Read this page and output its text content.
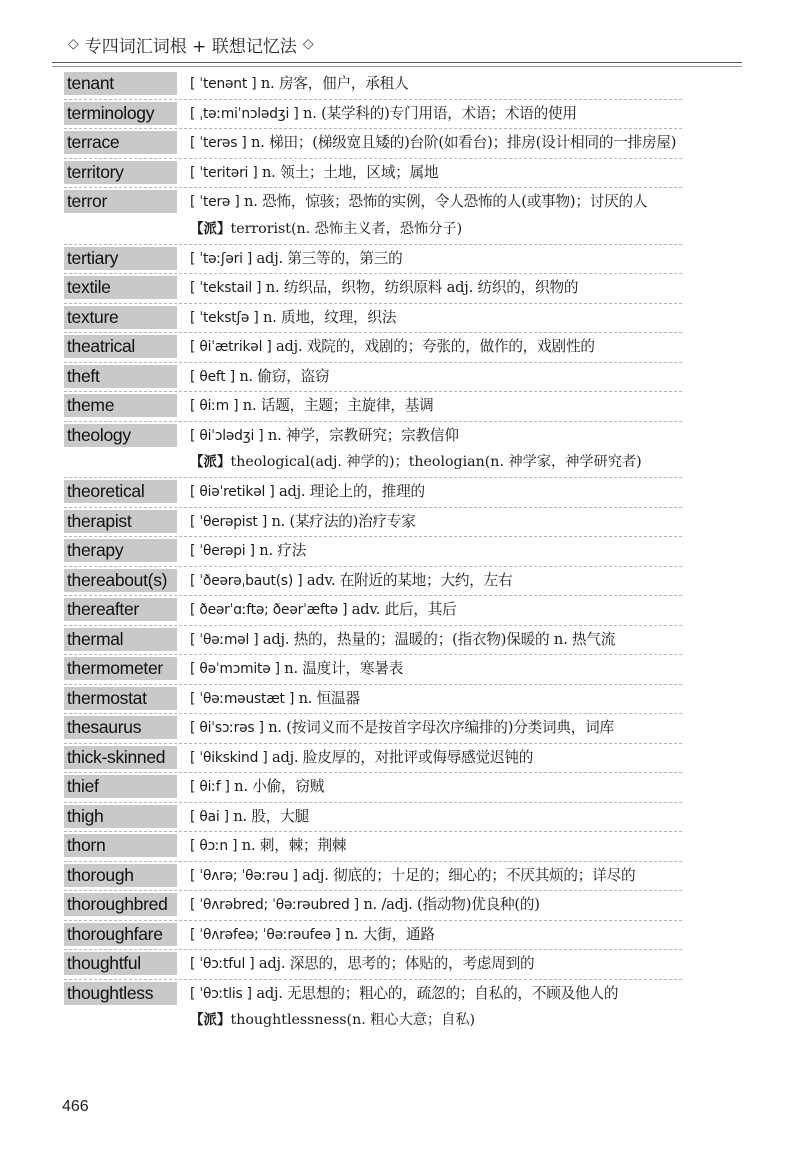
◇ 专四词汇词根 + 联想记忆法 ◇
tenant	[ ˈtenənt ] n. 房客，佃户，承租人
terminology	[ ˌtəːmiˈnɔlədʒi ] n. (某学科的)专门用语，术语；术语的使用
terrace	[ ˈterəs ] n. 梯田；(梯级宽且矮的)台阶(如看台)；排房(设计相同的一排房屋)
territory	[ ˈteritəri ] n. 领土；土地，区域；属地
terror	[ ˈterə ] n. 恐怖，惊骇；恐怖的实例，令人恐怖的人(或事物)；讨厌的人
【派】terrorist(n. 恐怖主义者，恐怖分子)
tertiary	[ ˈtəːʃəri ] adj. 第三等的，第三的
textile	[ ˈtekstail ] n. 纺织品，织物，纺织原料 adj. 纺织的，织物的
texture	[ ˈtekstʃə ] n. 质地，纹理，织法
theatrical	[ θiˈætrikəl ] adj. 戏院的，戏剧的；夸张的，做作的，戏剧性的
theft	[ θeft ] n. 偷窃，盗窃
theme	[ θiːm ] n. 话题，主题；主旋律，基调
theology	[ θiˈɔlədʒi ] n. 神学，宗教研究；宗教信仰
【派】theological(adj. 神学的)；theologian(n. 神学家，神学研究者)
theoretical	[ θiəˈretikəl ] adj. 理论上的，推理的
therapist	[ ˈθerəpist ] n. (某疗法的)治疗专家
therapy	[ ˈθerəpi ] n. 疗法
thereabout(s)	[ ˈðeərəˌbaut(s) ] adv. 在附近的某地；大约，左右
thereafter	[ ðeərˈɑːftə; ðeərˈæftə ] adv. 此后，其后
thermal	[ ˈθəːməl ] adj. 热的，热量的；温暖的；(指衣物)保暖的 n. 热气流
thermometer	[ θəˈmɔmitə ] n. 温度计，寒暑表
thermostat	[ ˈθəːməustæt ] n. 恒温器
thesaurus	[ θiˈsɔːrəs ] n. (按词义而不是按首字母次序编排的)分类词典，词库
thick-skinned	[ ˈθikskind ] adj. 脸皮厚的，对批评或侮辱感觉迟钝的
thief	[ θiːf ] n. 小偷，窃贼
thigh	[ θai ] n. 股，大腿
thorn	[ θɔːn ] n. 刺，棘；荆棘
thorough	[ ˈθʌrə; ˈθəːrəu ] adj. 彻底的；十足的；细心的；不厌其烦的；详尽的
thoroughbred	[ ˈθʌrəbred; ˈθəːrəubred ] n. /adj. (指动物)优良种(的)
thoroughfare	[ ˈθʌrəfeə; ˈθəːrəufeə ] n. 大街，通路
thoughtful	[ ˈθɔːtful ] adj. 深思的，思考的；体贴的，考虑周到的
thoughtless	[ ˈθɔːtlis ] adj. 无思想的；粗心的，疏忽的；自私的，不顾及他人的
【派】thoughtlessness(n. 粗心大意；自私)
466
